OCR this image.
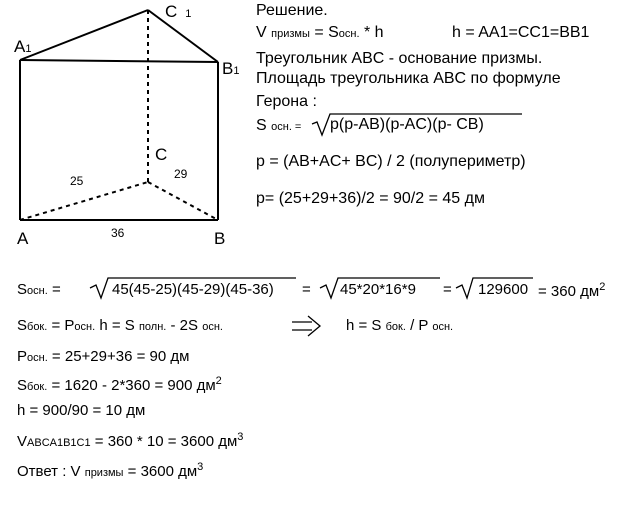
A1
C 1
B1
C
A	B
25	29
36
Решение.
V призмы = Sосн. * h	h = AA1=CC1=BB1
Треугольник ABC - основание призмы.
Площадь треугольника ABC по формуле
Герона :
S осн. = p(p-AB)(p-AC)(p- CB)
p = (AB+AC+ BC) / 2 (полупериметр)
p= (25+29+36)/2 = 90/2 = 45 дм
Sосн. =	45(45-25)(45-29)(45-36) = 45*20*16*9 = 129600 = 360 $дм^2$
Sбок. = Pосн. h = S полн. - 2S осн.	h = S бок. / P осн.
Pосн. = 25+29+36 = 90 дм
Sбок. = 1620 - 2*360 = 900 $дм^2$
h = 900/90 = 10 дм
VABCA1B1C1 = 360 * 10 = 3600 $дм^3$
Ответ : V призмы = 3600 $дм^3$
